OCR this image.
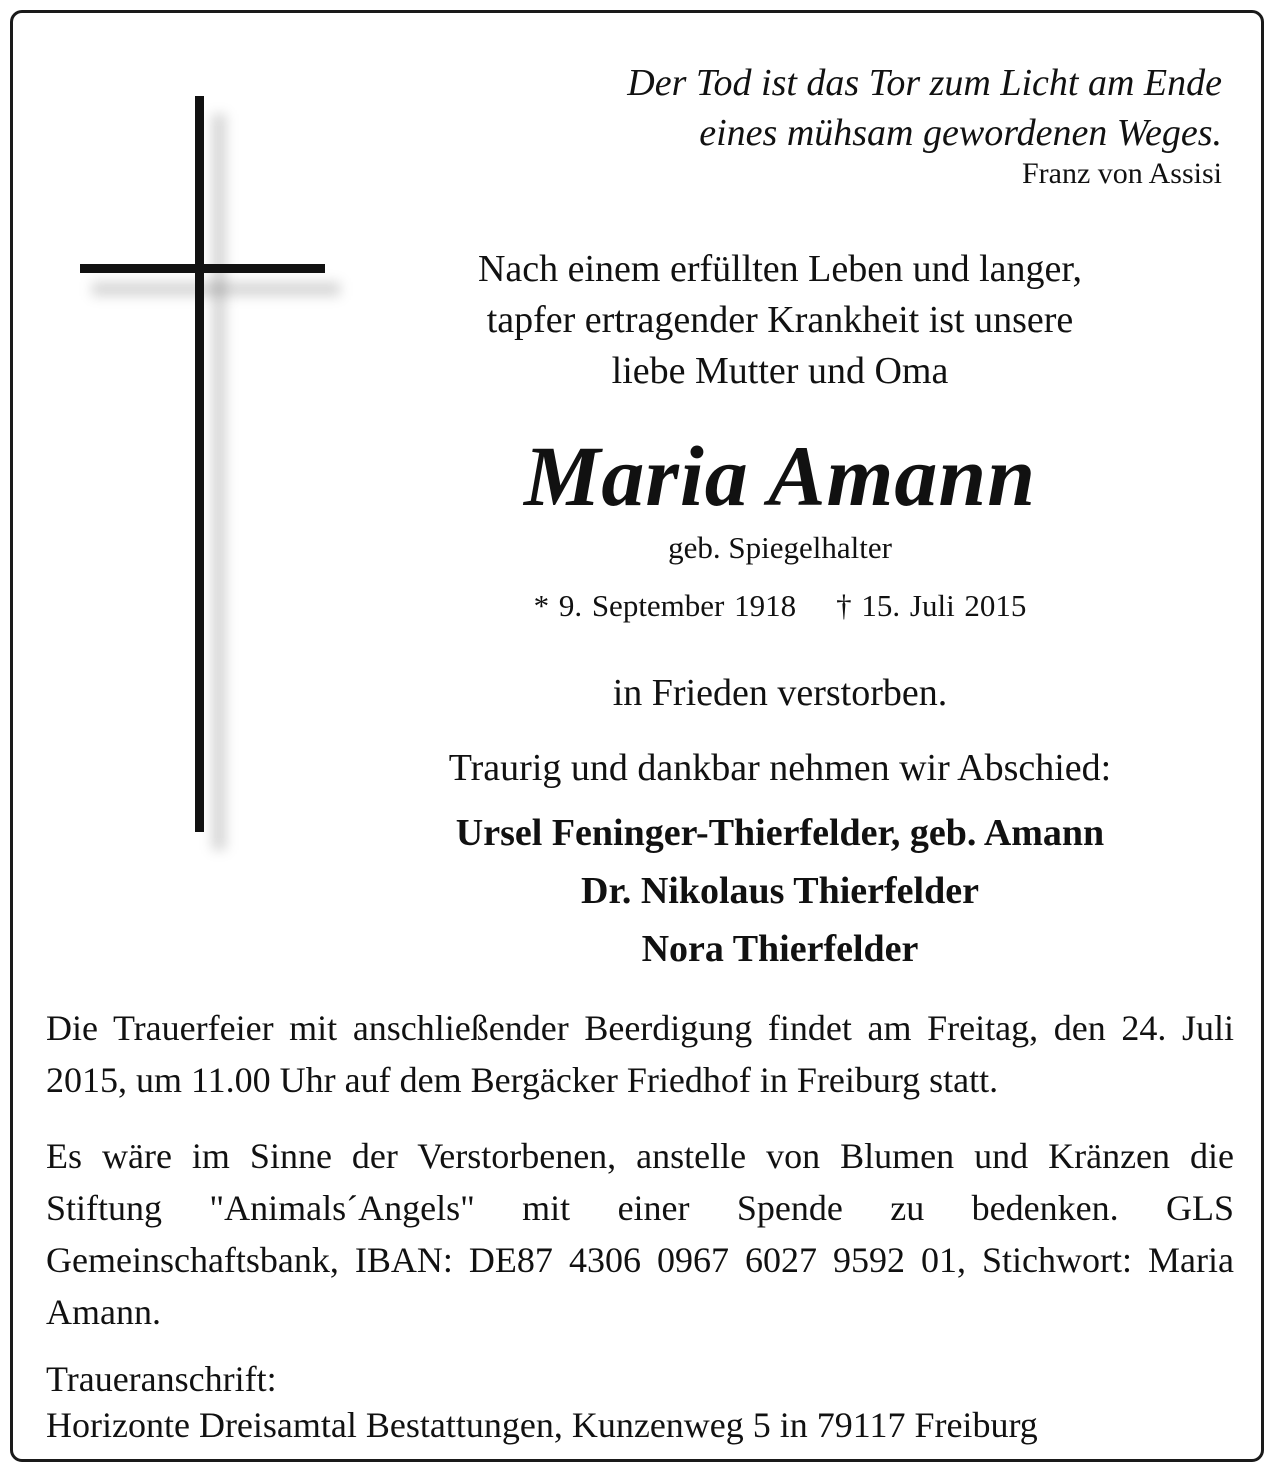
Der Tod ist das Tor zum Licht am Ende
eines mühsam gewordenen Weges.
Franz von Assisi
Nach einem erfüllten Leben und langer,
tapfer ertragender Krankheit ist unsere
liebe Mutter und Oma
Maria Amann
geb. Spiegelhalter
* 9. September 1918 † 15. Juli 2015
in Frieden verstorben.
Traurig und dankbar nehmen wir Abschied:
Ursel Feninger-Thierfelder, geb. Amann
Dr. Nikolaus Thierfelder
Nora Thierfelder
Die Trauerfeier mit anschließender Beerdigung findet am Freitag, den 24. Juli 2015, um 11.00 Uhr auf dem Bergäcker Friedhof in Freiburg statt.
Es wäre im Sinne der Verstorbenen, anstelle von Blumen und Kränzen die Stiftung "Animals´Angels" mit einer Spende zu bedenken. GLS Gemeinschaftsbank, IBAN: DE87 4306 0967 6027 9592 01, Stichwort: Maria Amann.
Traueranschrift:
Horizonte Dreisamtal Bestattungen, Kunzenweg 5 in 79117 Freiburg
